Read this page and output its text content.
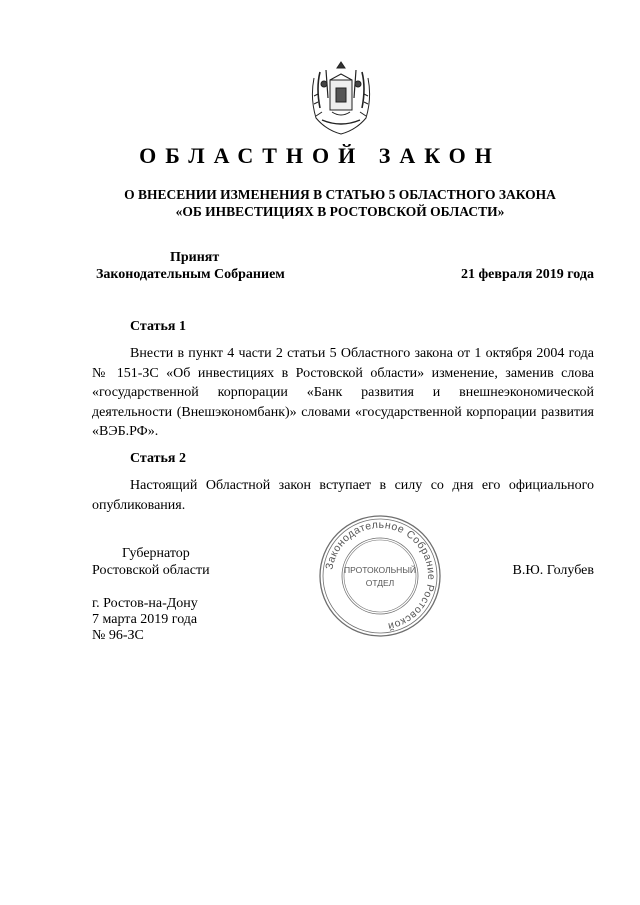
ОБЛАСТНОЙ ЗАКОН
О ВНЕСЕНИИ ИЗМЕНЕНИЯ В СТАТЬЮ 5 ОБЛАСТНОГО ЗАКОНА
«ОБ ИНВЕСТИЦИЯХ В РОСТОВСКОЙ ОБЛАСТИ»
Принят
Законодательным Собранием	21 февраля 2019 года
Статья 1
Внести в пункт 4 части 2 статьи 5 Областного закона от 1 октября 2004 года № 151-ЗС «Об инвестициях в Ростовской области» изменение, заменив слова «государственной корпорации «Банк развития и внешнеэкономической деятельности (Внешэкономбанк)» словами «государственной корпорации развития «ВЭБ.РФ».
Статья 2
Настоящий Областной закон вступает в силу со дня его официального опубликования.
Губернатор
Ростовской области	В.Ю. Голубев
г. Ростов-на-Дону
7 марта 2019 года
№ 96-ЗС
Законодательное Собрание Ростовской
ПРОТОКОЛЬНЫЙ
ОТДЕЛ
